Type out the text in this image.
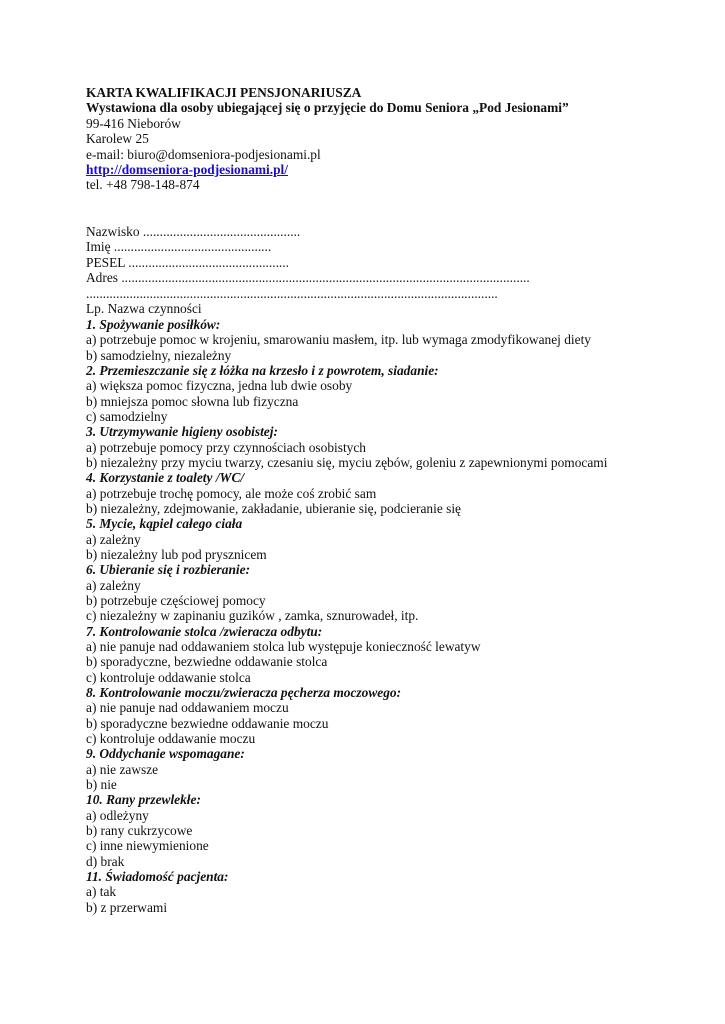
KARTA KWALIFIKACJI PENSJONARIUSZA
Wystawiona dla osoby ubiegającej się o przyjęcie do Domu Seniora „Pod Jesionami”
99-416 Nieborów
Karolew 25
e-mail: biuro@domseniora-podjesionami.pl
http://domseniora-podjesionami.pl/
tel. +48 798-148-874
Nazwisko ...............................................
Imię ...............................................
PESEL ................................................
Adres ..........................................................................................................................
...........................................................................................................................
Lp. Nazwa czynności
1. Spożywanie posiłków:
a) potrzebuje pomoc w krojeniu, smarowaniu masłem, itp. lub wymaga zmodyfikowanej diety
b) samodzielny, niezależny
2. Przemieszczanie się z łóżka na krzesło i z powrotem, siadanie:
a) większa pomoc fizyczna, jedna lub dwie osoby
b) mniejsza pomoc słowna lub fizyczna
c) samodzielny
3. Utrzymywanie higieny osobistej:
a) potrzebuje pomocy przy czynnościach osobistych
b) niezależny przy myciu twarzy, czesaniu się, myciu zębów, goleniu z zapewnionymi pomocami
4. Korzystanie z toalety /WC/
a) potrzebuje trochę pomocy, ale może coś zrobić sam
b) niezależny, zdejmowanie, zakładanie, ubieranie się, podcieranie się
5. Mycie, kąpiel całego ciała
a) zależny
b) niezależny lub pod prysznicem
6. Ubieranie się i rozbieranie:
a) zależny
b) potrzebuje częściowej pomocy
c) niezależny w zapinaniu guzików , zamka, sznurowadeł, itp.
7. Kontrolowanie stolca /zwieracza odbytu:
a) nie panuje nad oddawaniem stolca lub występuje konieczność lewatyw
b) sporadyczne, bezwiedne oddawanie stolca
c) kontroluje oddawanie stolca
8. Kontrolowanie moczu/zwieracza pęcherza moczowego:
a) nie panuje nad oddawaniem moczu
b) sporadyczne bezwiedne oddawanie moczu
c) kontroluje oddawanie moczu
9. Oddychanie wspomagane:
a) nie zawsze
b) nie
10. Rany przewlekłe:
a) odleżyny
b) rany cukrzycowe
c) inne niewymienione
d) brak
11. Świadomość pacjenta:
a) tak
b) z przerwami
